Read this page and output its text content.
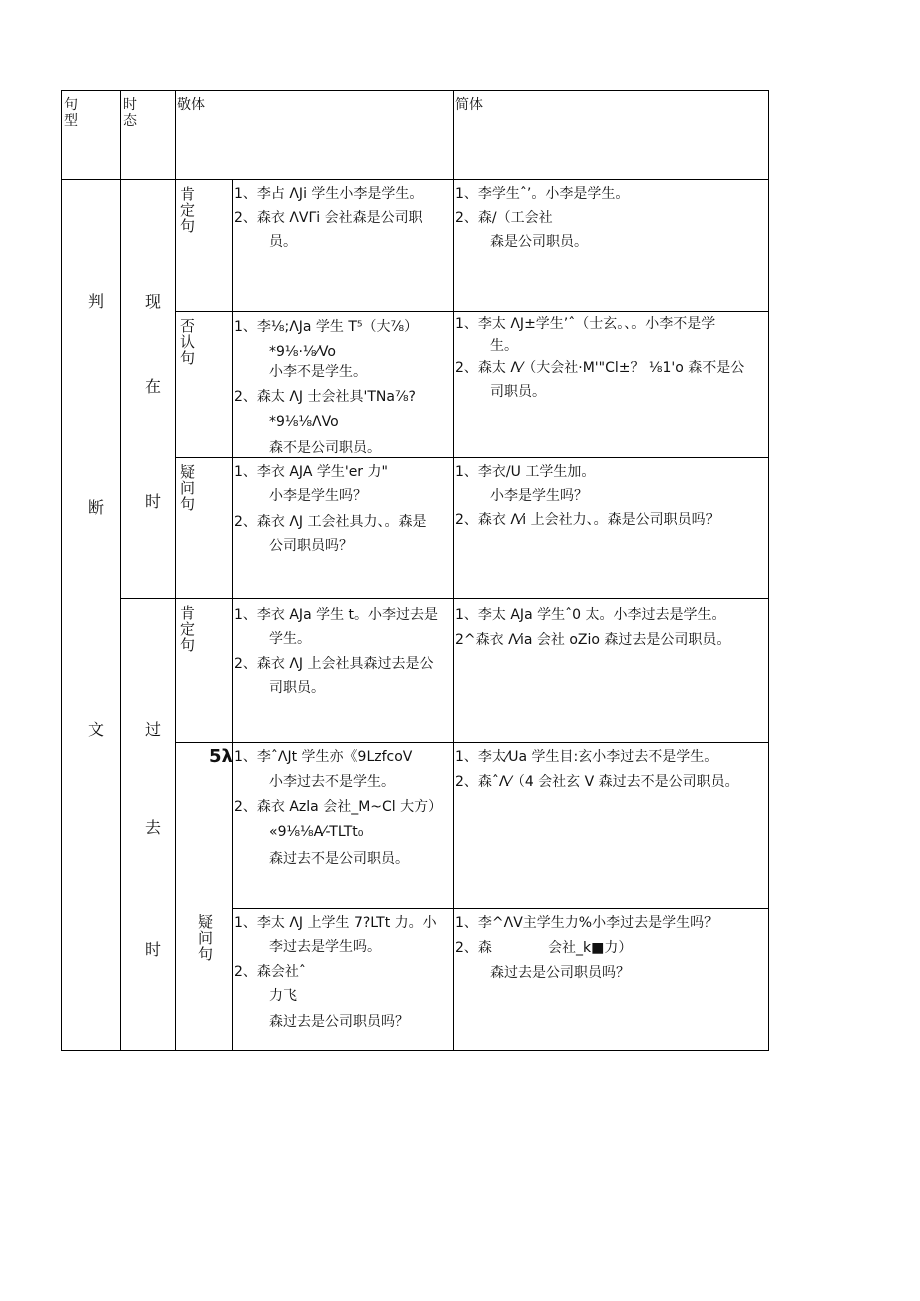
句
型
时
态
敬体	简体
判
断
文
现
在
时
过
去
时
肯
定
句
否
认
句
疑
问
句
肯
定
句
5λ
疑
问
句
1、李占 ΛJi 学生小李是学生。
2、森衣 ΛVΓi 会社森是公司职
员。
1、李学生ˆ’。小李是学生。
2、森/（工会社
森是公司职员。
1、李⅛;ΛJa 学生 T⁵（大⅞）
*9⅛·⅛⁄Vo
小李不是学生。
2、森太 ΛJ 士会社具'TNa⅞?
*9⅛⅛ΛVo
森不是公司职员。
1、李太 ΛJ±学生’ˆ（士玄。、。小李不是学
生。
2、森太 Λ⁄（大会社·M'"Cl±？ ⅛1'o 森不是公
司职员。
1、李衣 AJA 学生'er 力"
小李是学生吗？
2、森衣 ΛJ 工会社具力、。森是
公司职员吗？
1、李衣/U 工学生加。
小李是学生吗？
2、森衣 Λ⁄i 上会社力、。森是公司职员吗？
1、李衣 AJa 学生 t。小李过去是
学生。
2、森衣 ΛJ 上会社具森过去是公
司职员。
1、李太 AJa 学生ˆ0 太。小李过去是学生。
2^森衣 Λ⁄ia 会社 oZio 森过去是公司职员。
1、李ˆΛJt 学生亦《9LzfcoV
小李过去不是学生。
2、森衣 Azla 会社_M~Cl 大方）
«9⅛⅛A⁄-TLTt₀
森过去不是公司职员。
1、李太⁄Ua 学生目:玄小李过去不是学生。
2、森ˆΛ⁄（4 会社玄 V 森过去不是公司职员。
1、李太 ΛJ 上学生 7?LTt 力。小
李过去是学生吗。
2、森会社ˆ
力飞
森过去是公司职员吗？
1、李^ΛV主学生力%小李过去是学生吗？
2、森	会社_k■力）
森过去是公司职员吗？
